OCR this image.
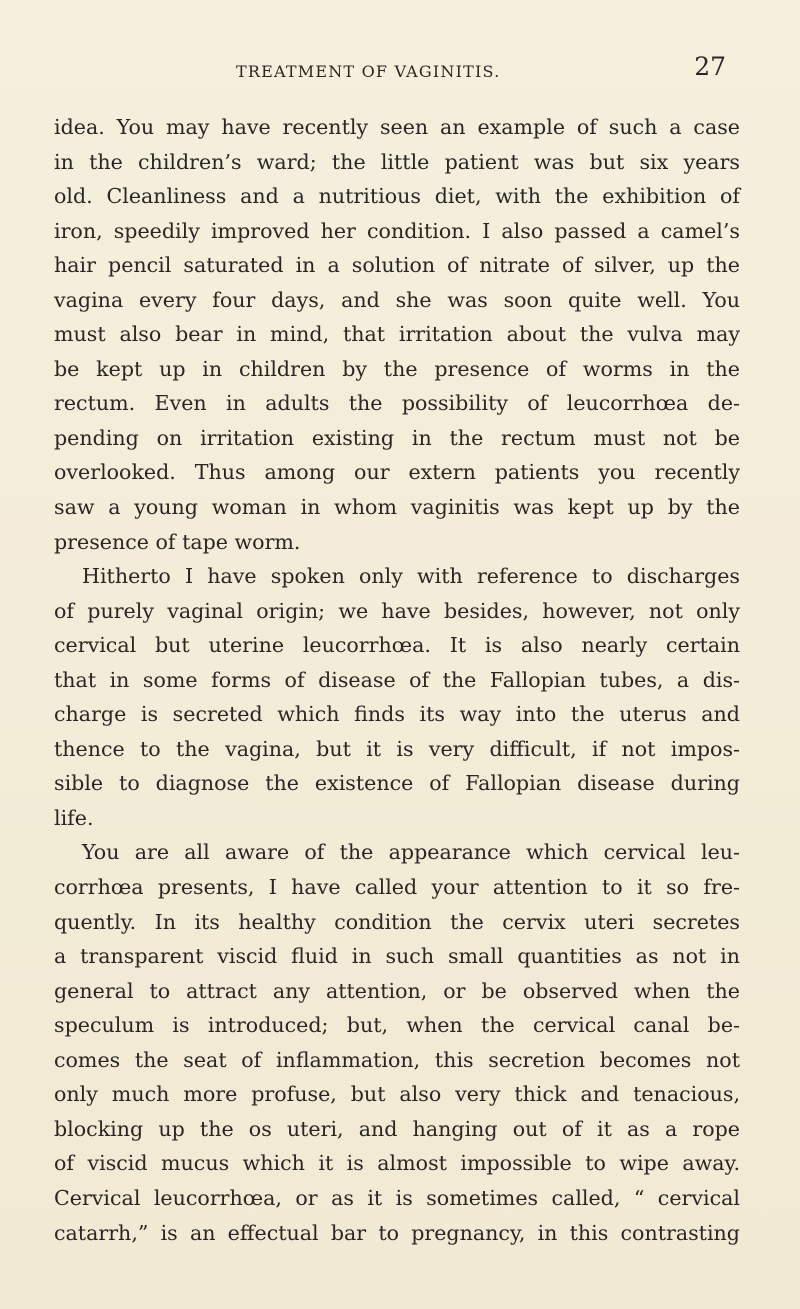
TREATMENT OF VAGINITIS.	27
idea. You may have recently seen an example of such a case
in the children’s ward; the little patient was but six years
old. Cleanliness and a nutritious diet, with the exhibition of
iron, speedily improved her condition. I also passed a camel’s
hair pencil saturated in a solution of nitrate of silver, up the
vagina every four days, and she was soon quite well. You
must also bear in mind, that irritation about the vulva may
be kept up in children by the presence of worms in the
rectum. Even in adults the possibility of leucorrhœa de-
pending on irritation existing in the rectum must not be
overlooked. Thus among our extern patients you recently
saw a young woman in whom vaginitis was kept up by the
presence of tape worm.
Hitherto I have spoken only with reference to discharges
of purely vaginal origin; we have besides, however, not only
cervical but uterine leucorrhœa. It is also nearly certain
that in some forms of disease of the Fallopian tubes, a dis-
charge is secreted which finds its way into the uterus and
thence to the vagina, but it is very difficult, if not impos-
sible to diagnose the existence of Fallopian disease during
life.
You are all aware of the appearance which cervical leu-
corrhœa presents, I have called your attention to it so fre-
quently. In its healthy condition the cervix uteri secretes
a transparent viscid fluid in such small quantities as not in
general to attract any attention, or be observed when the
speculum is introduced; but, when the cervical canal be-
comes the seat of inflammation, this secretion becomes not
only much more profuse, but also very thick and tenacious,
blocking up the os uteri, and hanging out of it as a rope
of viscid mucus which it is almost impossible to wipe away.
Cervical leucorrhœa, or as it is sometimes called, “ cervical
catarrh,” is an effectual bar to pregnancy, in this contrasting
